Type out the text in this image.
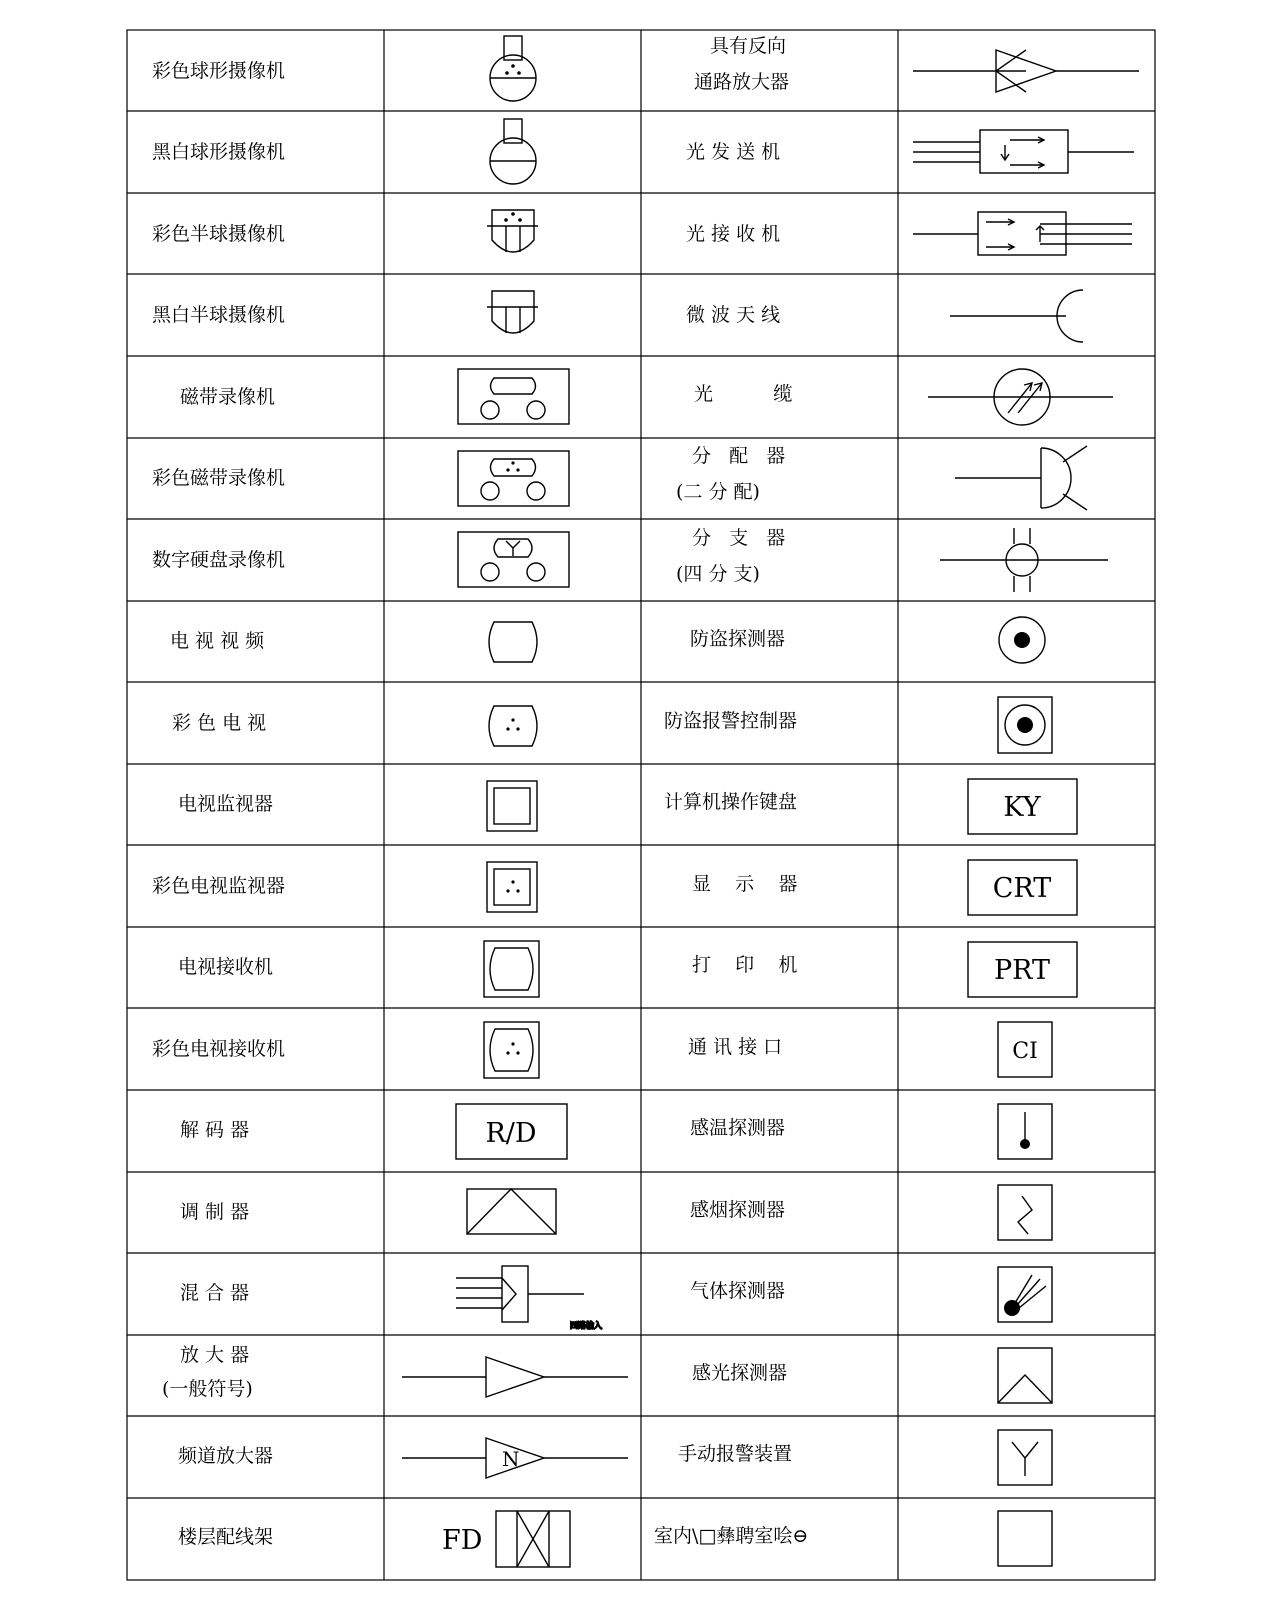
彩色球形摄像机
黑白球形摄像机
彩色半球摄像机
黑白半球摄像机
磁带录像机
彩色磁带录像机
数字硬盘录像机
电 视 视 频
彩 色 电 视
电视监视器
彩色电视监视器
电视接收机
彩色电视接收机
解 码 器
调 制 器
混 合 器
放 大 器
(一般符号)
频道放大器
楼层配线架
具有反向
通路放大器
光 发 送 机
光 接 收 机
微 波 天 线
光          缆
分   配   器
(二 分 配)
分   支   器
(四 分 支)
防盗探测器
防盗报警控制器
计算机操作键盘
显    示    器
打    印    机
通 讯 接 口
感温探测器
感烟探测器
气体探测器
感光探测器
手动报警装置
室内\□彝聘室哙⊖
R/D
四路输入
N
FD
KY
CRT
PRT
CI
